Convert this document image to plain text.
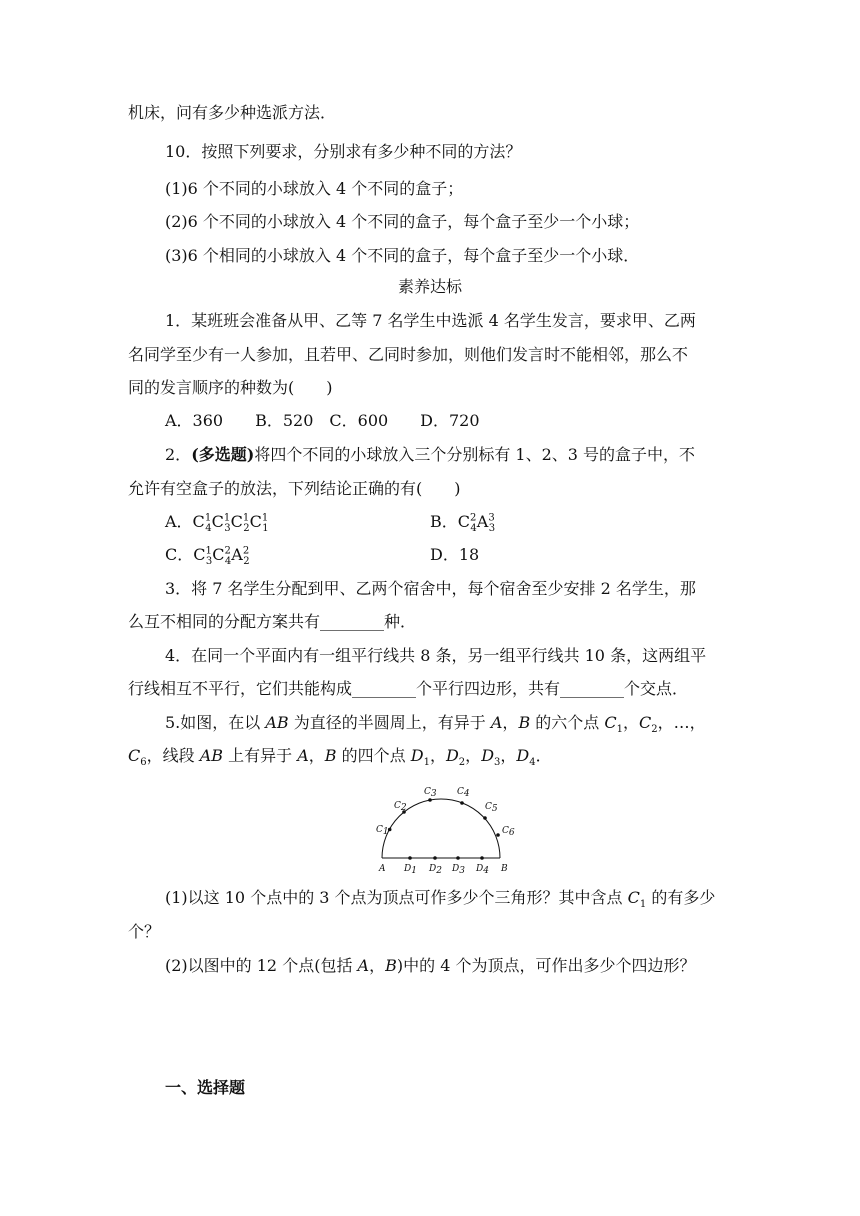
机床，问有多少种选派方法．
10．按照下列要求，分别求有多少种不同的方法？
(1)6 个不同的小球放入 4 个不同的盒子；
(2)6 个不同的小球放入 4 个不同的盒子，每个盒子至少一个小球；
(3)6 个相同的小球放入 4 个不同的盒子，每个盒子至少一个小球．
素养达标
1．某班班会准备从甲、乙等 7 名学生中选派 4 名学生发言，要求甲、乙两
名同学至少有一人参加，且若甲、乙同时参加，则他们发言时不能相邻，那么不
同的发言顺序的种数为(　　)
A．360　　B．520　C．600　　D．720
2．(多选题)将四个不同的小球放入三个分别标有 1、2、3 号的盒子中，不
允许有空盒子的放法，下列结论正确的有(　　)
A．$C^1_4C^1_3C^1_2C^1_1$	B．$C^2_4A^3_3$
C．$C^1_3C^2_4A^2_2$	D．18
3．将 7 名学生分配到甲、乙两个宿舍中，每个宿舍至少安排 2 名学生，那
么互不相同的分配方案共有________种．
4．在同一个平面内有一组平行线共 8 条，另一组平行线共 10 条，这两组平
行线相互不平行，它们共能构成________个平行四边形，共有________个交点．
5.如图，在以 AB 为直径的半圆周上，有异于 A，B 的六个点 $C_1$，$C_2$，…，
$C_6$，线段 AB 上有异于 A，B 的四个点 $D_1$，$D_2$，$D_3$，$D_4$．
A	B
C1
C2
C3 C4
C5
C6
D1 D2 D3 D4
(1)以这 10 个点中的 3 个点为顶点可作多少个三角形？其中含点 $C_1$ 的有多少
个？
(2)以图中的 12 个点(包括 A，B)中的 4 个为顶点，可作出多少个四边形？
一、选择题
